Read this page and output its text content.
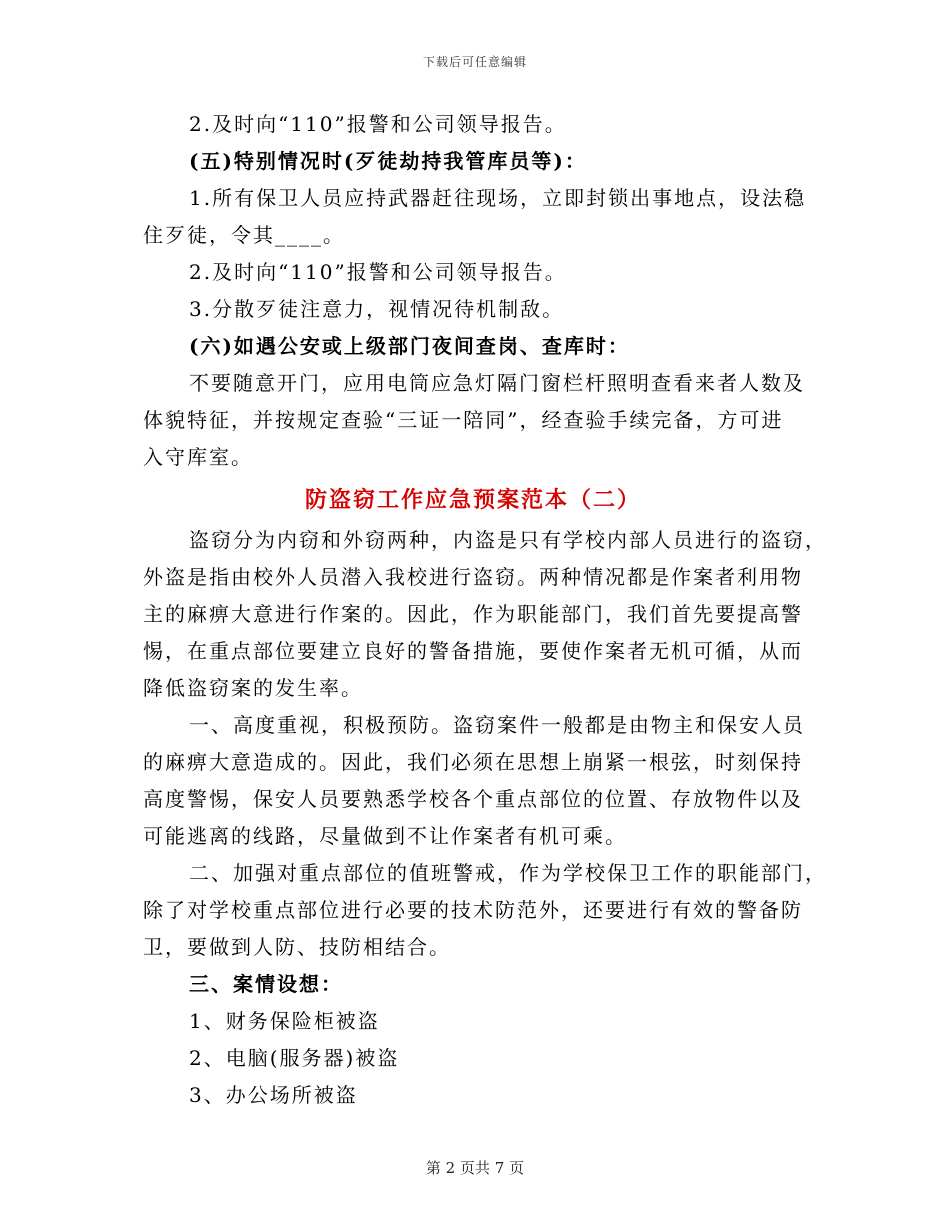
下载后可任意编辑
2.及时向“110”报警和公司领导报告。
(五)特别情况时(歹徒劫持我管库员等)：
1.所有保卫人员应持武器赶往现场，立即封锁出事地点，设法稳
住歹徒，令其____。
2.及时向“110”报警和公司领导报告。
3.分散歹徒注意力，视情况待机制敌。
(六)如遇公安或上级部门夜间查岗、查库时：
不要随意开门，应用电筒应急灯隔门窗栏杆照明查看来者人数及
体貌特征，并按规定查验“三证一陪同”，经查验手续完备，方可进
入守库室。
防盗窃工作应急预案范本（二）
盗窃分为内窃和外窃两种，内盗是只有学校内部人员进行的盗窃，
外盗是指由校外人员潜入我校进行盗窃。两种情况都是作案者利用物
主的麻痹大意进行作案的。因此，作为职能部门，我们首先要提高警
惕，在重点部位要建立良好的警备措施，要使作案者无机可循，从而
降低盗窃案的发生率。
一、高度重视，积极预防。盗窃案件一般都是由物主和保安人员
的麻痹大意造成的。因此，我们必须在思想上崩紧一根弦，时刻保持
高度警惕，保安人员要熟悉学校各个重点部位的位置、存放物件以及
可能逃离的线路，尽量做到不让作案者有机可乘。
二、加强对重点部位的值班警戒，作为学校保卫工作的职能部门，
除了对学校重点部位进行必要的技术防范外，还要进行有效的警备防
卫，要做到人防、技防相结合。
三、案情设想：
1、财务保险柜被盗
2、电脑(服务器)被盗
3、办公场所被盗
第 2 页共 7 页
